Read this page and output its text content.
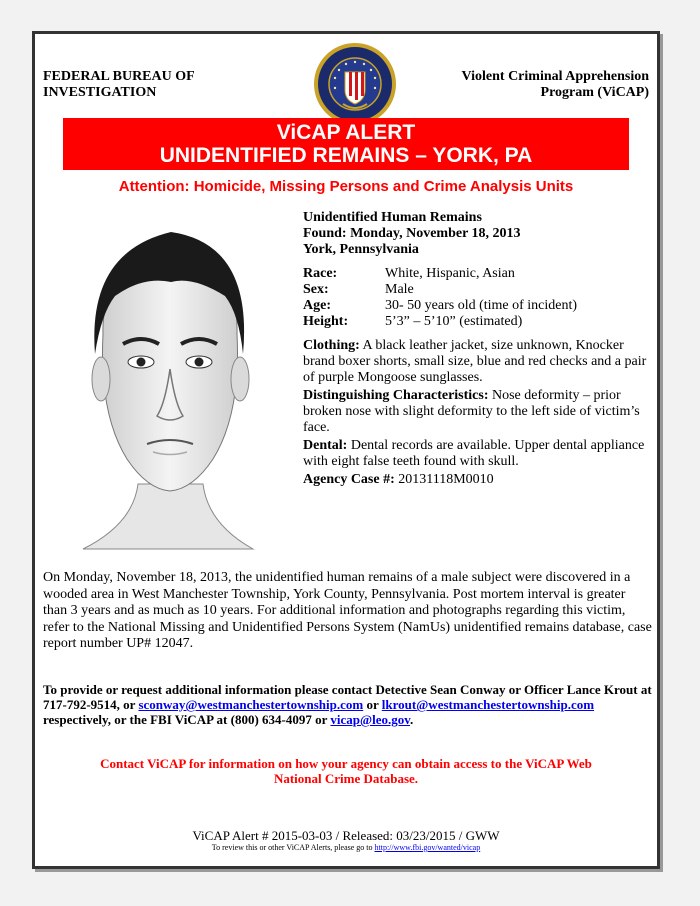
FEDERAL BUREAU OF
INVESTIGATION
Violent Criminal Apprehension
Program (ViCAP)
ViCAP ALERT
UNIDENTIFIED REMAINS – YORK, PA
Attention: Homicide, Missing Persons and Crime Analysis Units
Unidentified Human Remains
Found: Monday, November 18, 2013
York, Pennsylvania
Race:	White, Hispanic, Asian
Sex:	Male
Age:	30- 50 years old (time of incident)
Height:	5’3” – 5’10” (estimated)
Clothing: A black leather jacket, size unknown, Knocker brand boxer shorts, small size, blue and red checks and a pair of purple Mongoose sunglasses.
Distinguishing Characteristics: Nose deformity – prior broken nose with slight deformity to the left side of victim’s face.
Dental: Dental records are available. Upper dental appliance with eight false teeth found with skull.
Agency Case #: 20131118M0010
On Monday, November 18, 2013, the unidentified human remains of a male subject were discovered in a wooded area in West Manchester Township, York County, Pennsylvania. Post mortem interval is greater than 3 years and as much as 10 years. For additional information and photographs regarding this victim, refer to the National Missing and Unidentified Persons System (NamUs) unidentified remains database, case report number UP# 12047.
To provide or request additional information please contact Detective Sean Conway or Officer Lance Krout at 717-792-9514, or sconway@westmanchestertownship.com or lkrout@westmanchestertownship.com respectively, or the FBI ViCAP at (800) 634-4097 or vicap@leo.gov.
Contact ViCAP for information on how your agency can obtain access to the ViCAP Web National Crime Database.
ViCAP Alert # 2015-03-03 / Released: 03/23/2015 / GWW
To review this or other ViCAP Alerts, please go to http://www.fbi.gov/wanted/vicap
